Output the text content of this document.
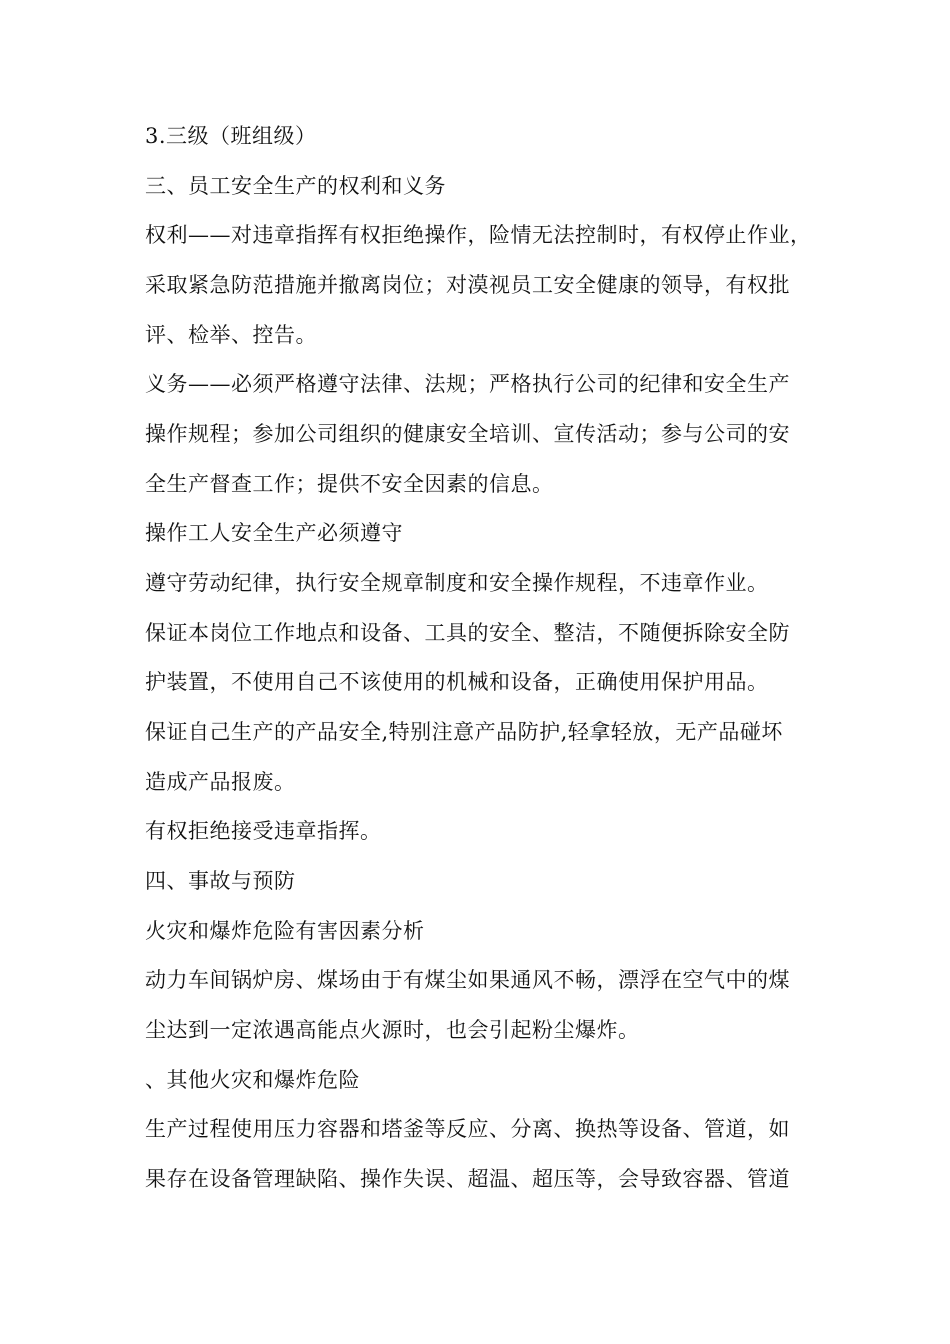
3.三级（班组级）
三、员工安全生产的权利和义务
权利——对违章指挥有权拒绝操作，险情无法控制时，有权停止作业，
采取紧急防范措施并撤离岗位；对漠视员工安全健康的领导，有权批
评、检举、控告。
义务——必须严格遵守法律、法规；严格执行公司的纪律和安全生产
操作规程；参加公司组织的健康安全培训、宣传活动；参与公司的安
全生产督查工作；提供不安全因素的信息。
操作工人安全生产必须遵守
遵守劳动纪律，执行安全规章制度和安全操作规程，不违章作业。
保证本岗位工作地点和设备、工具的安全、整洁，不随便拆除安全防
护装置，不使用自己不该使用的机械和设备，正确使用保护用品。
保证自己生产的产品安全,特别注意产品防护,轻拿轻放，无产品碰坏
造成产品报废。
有权拒绝接受违章指挥。
四、事故与预防
火灾和爆炸危险有害因素分析
动力车间锅炉房、煤场由于有煤尘如果通风不畅，漂浮在空气中的煤
尘达到一定浓遇高能点火源时，也会引起粉尘爆炸。
、其他火灾和爆炸危险
生产过程使用压力容器和塔釜等反应、分离、换热等设备、管道，如
果存在设备管理缺陷、操作失误、超温、超压等，会导致容器、管道
